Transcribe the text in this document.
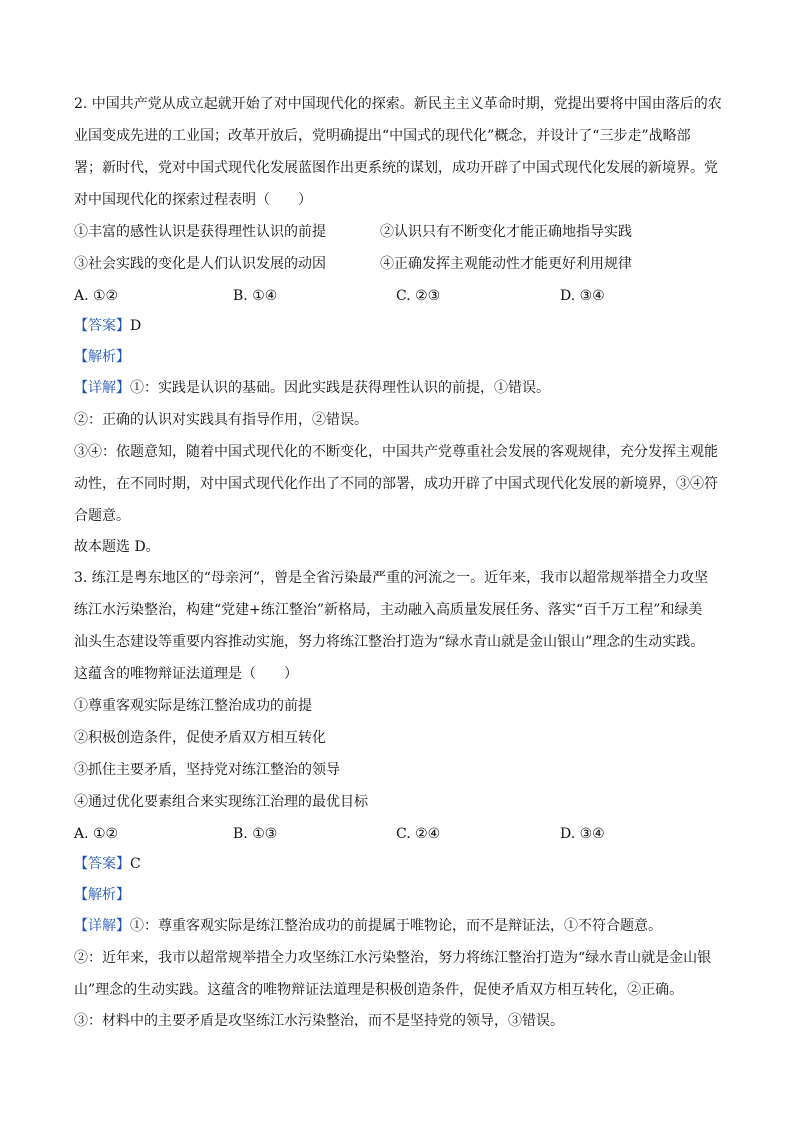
2. 中国共产党从成立起就开始了对中国现代化的探索。新民主主义革命时期，党提出要将中国由落后的农
业国变成先进的工业国；改革开放后，党明确提出“中国式的现代化”概念，并设计了“三步走”战略部
署；新时代，党对中国式现代化发展蓝图作出更系统的谋划，成功开辟了中国式现代化发展的新境界。党
对中国现代化的探索过程表明（　　）
①丰富的感性认识是获得理性认识的前提	②认识只有不断变化才能正确地指导实践
③社会实践的变化是人们认识发展的动因	④正确发挥主观能动性才能更好利用规律
A. ①②	B. ①④	C. ②③	D. ③④
【答案】D
【解析】
【详解】①：实践是认识的基础。因此实践是获得理性认识的前提，①错误。
②：正确的认识对实践具有指导作用，②错误。
③④：依题意知，随着中国式现代化的不断变化，中国共产党尊重社会发展的客观规律，充分发挥主观能
动性，在不同时期，对中国式现代化作出了不同的部署，成功开辟了中国式现代化发展的新境界，③④符
合题意。
故本题选 D。
3. 练江是粤东地区的“母亲河”，曾是全省污染最严重的河流之一。近年来，我市以超常规举措全力攻坚
练江水污染整治，构建“党建+练江整治”新格局，主动融入高质量发展任务、落实“百千万工程”和绿美
汕头生态建设等重要内容推动实施，努力将练江整治打造为“绿水青山就是金山银山”理念的生动实践。
这蕴含的唯物辩证法道理是（　　）
①尊重客观实际是练江整治成功的前提
②积极创造条件，促使矛盾双方相互转化
③抓住主要矛盾，坚持党对练江整治的领导
④通过优化要素组合来实现练江治理的最优目标
A. ①②	B. ①③	C. ②④	D. ③④
【答案】C
【解析】
【详解】①：尊重客观实际是练江整治成功的前提属于唯物论，而不是辩证法，①不符合题意。
②：近年来，我市以超常规举措全力攻坚练江水污染整治，努力将练江整治打造为“绿水青山就是金山银
山”理念的生动实践。这蕴含的唯物辩证法道理是积极创造条件，促使矛盾双方相互转化，②正确。
③：材料中的主要矛盾是攻坚练江水污染整治，而不是坚持党的领导，③错误。
